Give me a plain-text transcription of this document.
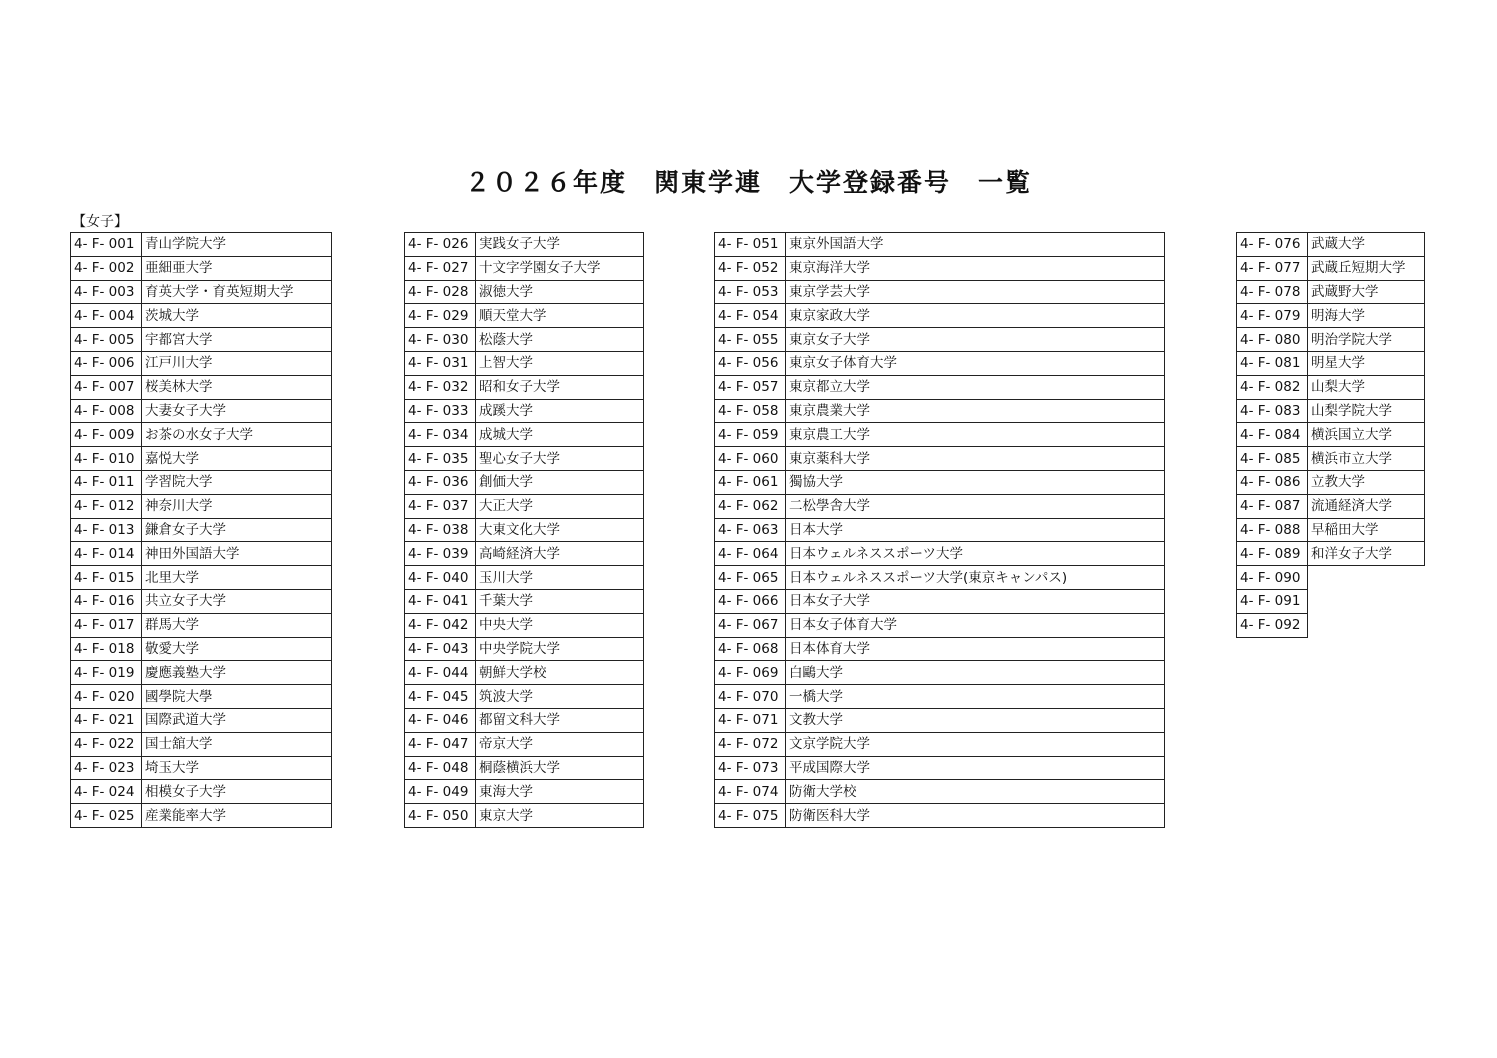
２０２６年度　関東学連　大学登録番号　一覧
【女子】
4- F- 001	青山学院大学
4- F- 002	亜細亜大学
4- F- 003	育英大学・育英短期大学
4- F- 004	茨城大学
4- F- 005	宇都宮大学
4- F- 006	江戸川大学
4- F- 007	桜美林大学
4- F- 008	大妻女子大学
4- F- 009	お茶の水女子大学
4- F- 010	嘉悦大学
4- F- 011	学習院大学
4- F- 012	神奈川大学
4- F- 013	鎌倉女子大学
4- F- 014	神田外国語大学
4- F- 015	北里大学
4- F- 016	共立女子大学
4- F- 017	群馬大学
4- F- 018	敬愛大学
4- F- 019	慶應義塾大学
4- F- 020	國學院大學
4- F- 021	国際武道大学
4- F- 022	国士舘大学
4- F- 023	埼玉大学
4- F- 024	相模女子大学
4- F- 025	産業能率大学
4- F- 026	実践女子大学
4- F- 027	十文字学園女子大学
4- F- 028	淑徳大学
4- F- 029	順天堂大学
4- F- 030	松蔭大学
4- F- 031	上智大学
4- F- 032	昭和女子大学
4- F- 033	成蹊大学
4- F- 034	成城大学
4- F- 035	聖心女子大学
4- F- 036	創価大学
4- F- 037	大正大学
4- F- 038	大東文化大学
4- F- 039	高崎経済大学
4- F- 040	玉川大学
4- F- 041	千葉大学
4- F- 042	中央大学
4- F- 043	中央学院大学
4- F- 044	朝鮮大学校
4- F- 045	筑波大学
4- F- 046	都留文科大学
4- F- 047	帝京大学
4- F- 048	桐蔭横浜大学
4- F- 049	東海大学
4- F- 050	東京大学
4- F- 051	東京外国語大学
4- F- 052	東京海洋大学
4- F- 053	東京学芸大学
4- F- 054	東京家政大学
4- F- 055	東京女子大学
4- F- 056	東京女子体育大学
4- F- 057	東京都立大学
4- F- 058	東京農業大学
4- F- 059	東京農工大学
4- F- 060	東京薬科大学
4- F- 061	獨協大学
4- F- 062	二松學舎大学
4- F- 063	日本大学
4- F- 064	日本ウェルネススポーツ大学
4- F- 065	日本ウェルネススポーツ大学(東京キャンパス)
4- F- 066	日本女子大学
4- F- 067	日本女子体育大学
4- F- 068	日本体育大学
4- F- 069	白鷗大学
4- F- 070	一橋大学
4- F- 071	文教大学
4- F- 072	文京学院大学
4- F- 073	平成国際大学
4- F- 074	防衛大学校
4- F- 075	防衛医科大学
4- F- 076	武蔵大学
4- F- 077	武蔵丘短期大学
4- F- 078	武蔵野大学
4- F- 079	明海大学
4- F- 080	明治学院大学
4- F- 081	明星大学
4- F- 082	山梨大学
4- F- 083	山梨学院大学
4- F- 084	横浜国立大学
4- F- 085	横浜市立大学
4- F- 086	立教大学
4- F- 087	流通経済大学
4- F- 088	早稲田大学
4- F- 089	和洋女子大学
4- F- 090	
4- F- 091	
4- F- 092	
